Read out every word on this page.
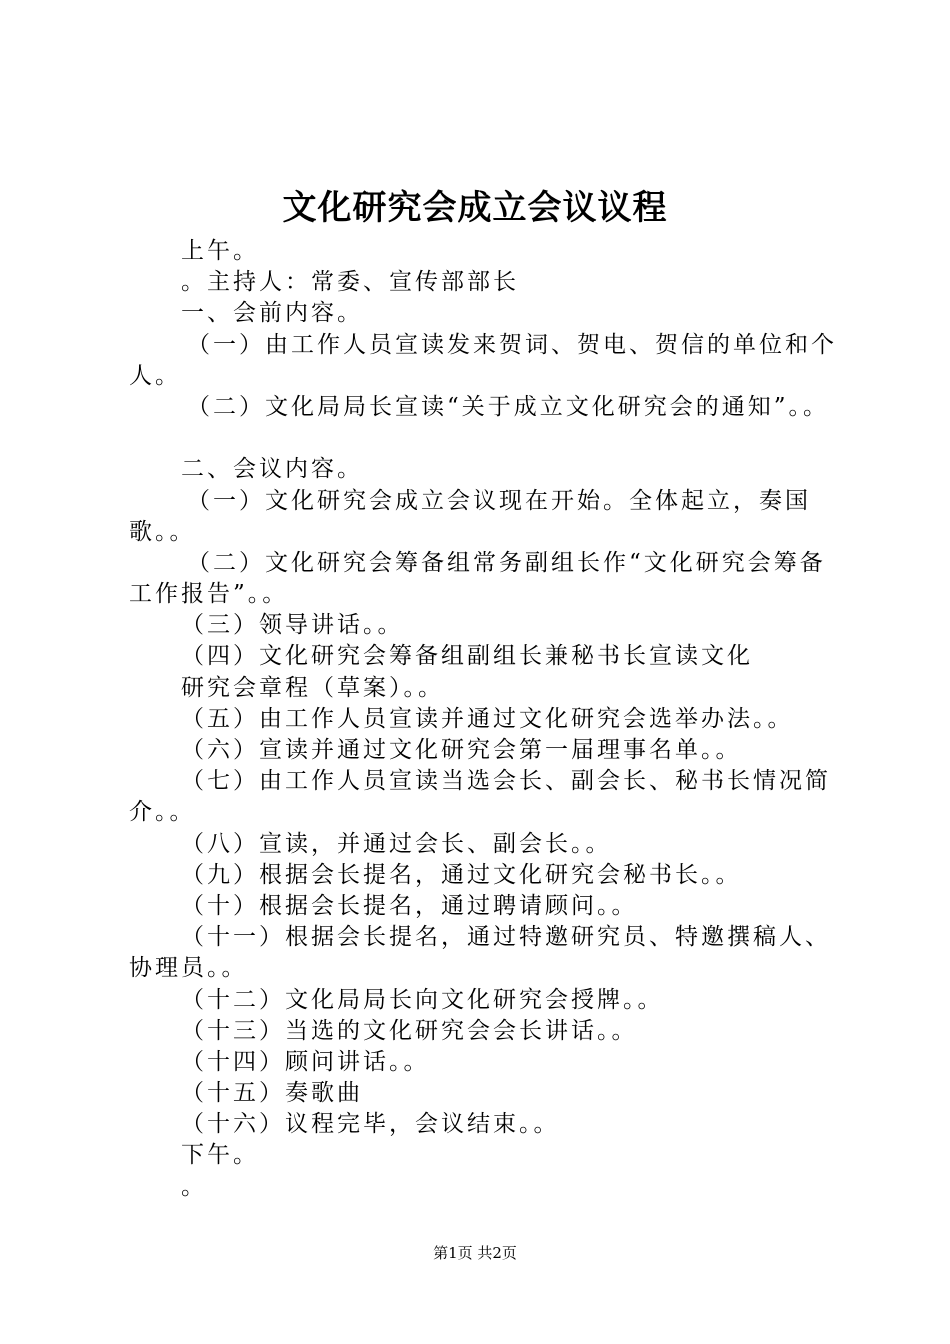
文化研究会成立会议议程
上午。
。主持人：常委、宣传部部长
一、会前内容。
（一）由工作人员宣读发来贺词、贺电、贺信的单位和个
人。
（二）文化局局长宣读“关于成立文化研究会的通知”。。
二、会议内容。
（一）文化研究会成立会议现在开始。全体起立，奏国
歌。。
（二）文化研究会筹备组常务副组长作“文化研究会筹备
工作报告”。。
（三）领导讲话。。
（四）文化研究会筹备组副组长兼秘书长宣读文化
研究会章程（草案）。。
（五）由工作人员宣读并通过文化研究会选举办法。。
（六）宣读并通过文化研究会第一届理事名单。。
（七）由工作人员宣读当选会长、副会长、秘书长情况简
介。。
（八）宣读，并通过会长、副会长。。
（九）根据会长提名，通过文化研究会秘书长。。
（十）根据会长提名，通过聘请顾问。。
（十一）根据会长提名，通过特邀研究员、特邀撰稿人、
协理员。。
（十二）文化局局长向文化研究会授牌。。
（十三）当选的文化研究会会长讲话。。
（十四）顾问讲话。。
（十五）奏歌曲
（十六）议程完毕，会议结束。。
下午。
。
第1页 共2页
